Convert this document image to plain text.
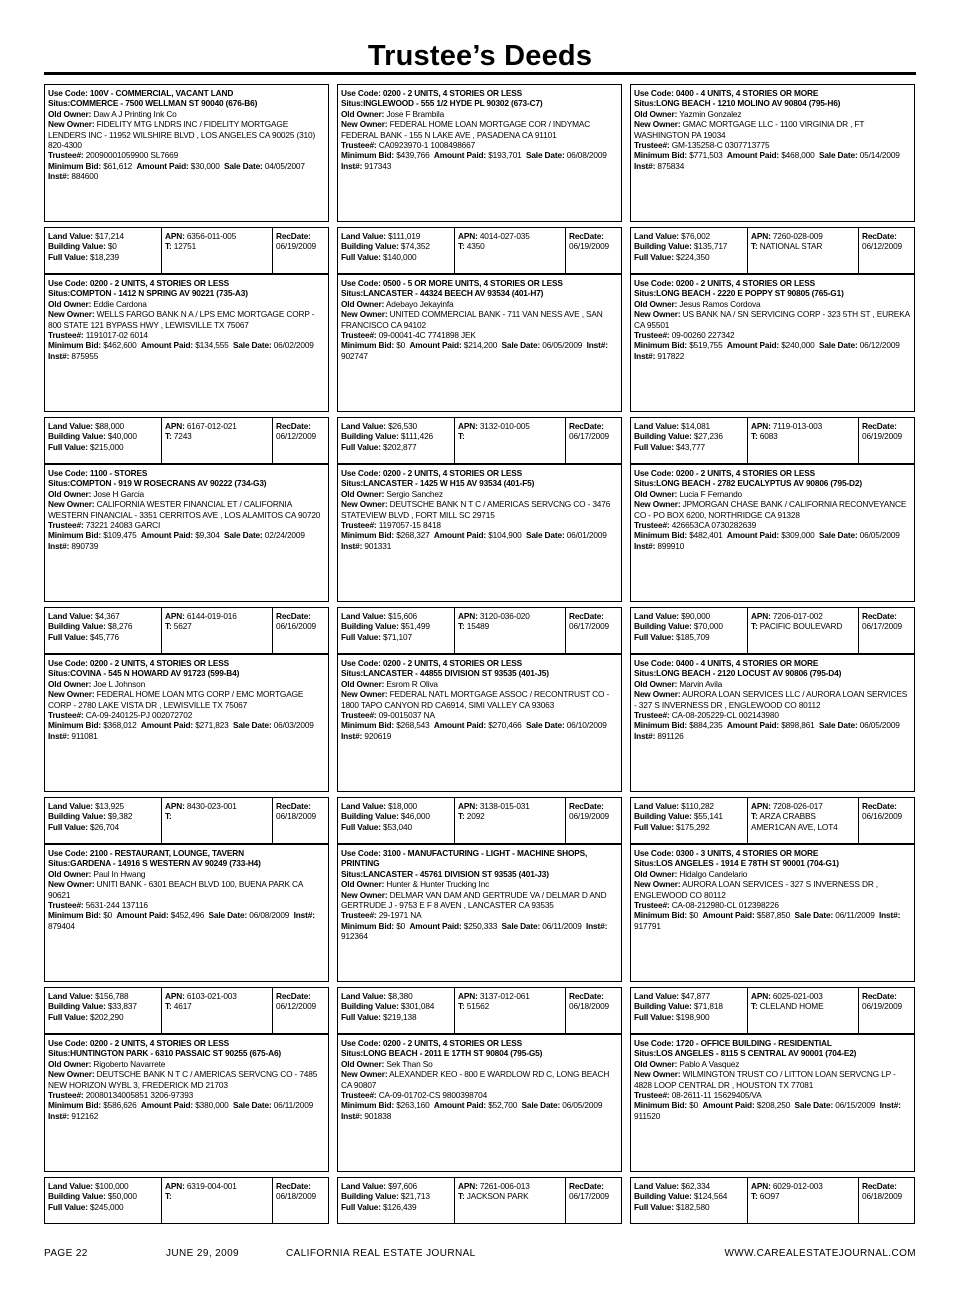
Trustee’s Deeds
Use Code: 100V - COMMERCIAL, VACANT LAND
Situs:COMMERCE - 7500 WELLMAN ST 90040 (676-B6)
Old Owner: Daw A J Printing Ink Co
New Owner: FIDELITY MTG LNDRS INC / FIDELITY MORTGAGE LENDERS INC - 11952 WILSHIRE BLVD , LOS ANGELES CA 90025 (310) 820-4300
Trustee#: 20090001059900 SL7669
Minimum Bid: $61,612 Amount Paid: $30,000 Sale Date: 04/05/2007  Inst#: 884600
Land Value: $17,214
Building Value: $0
Full Value: $18,239
APN: 6356-011-005
T: 12751
RecDate:
06/19/2009
Use Code: 0200 - 2 UNITS, 4 STORIES OR LESS
Situs:COMPTON - 1412 N SPRING AV 90221 (735-A3)
Old Owner: Eddie Cardona
New Owner: WELLS FARGO BANK N A / LPS EMC MORTGAGE CORP - 800 STATE 121 BYPASS HWY , LEWISVILLE TX 75067
Trustee#: 1191017-02 6014
Minimum Bid: $462,600 Amount Paid: $134,555 Sale Date: 06/02/2009  Inst#: 875955
Land Value: $88,000
Building Value: $40,000
Full Value: $215,000
APN: 6167-012-021
T: 7243
RecDate:
06/12/2009
Use Code: 1100 - STORES
Situs:COMPTON - 919 W ROSECRANS AV 90222 (734-G3)
Old Owner: Jose H Garcia
New Owner: CALIFORNIA WESTER FINANCIAL ET / CALIFORNIA WESTERN FINANCIAL - 3351 CERRITOS AVE , LOS ALAMITOS CA 90720
Trustee#: 73221 24083 GARCI
Minimum Bid: $109,475 Amount Paid: $9,304 Sale Date: 02/24/2009  Inst#: 890739
Land Value: $4,367
Building Value: $8,276
Full Value: $45,776
APN: 6144-019-016
T: 5627
RecDate:
06/16/2009
Use Code: 0200 - 2 UNITS, 4 STORIES OR LESS
Situs:COVINA - 545 N HOWARD AV 91723 (599-B4)
Old Owner: Joe L Johnson
New Owner: FEDERAL HOME LOAN MTG CORP / EMC MORTGAGE CORP - 2780 LAKE VISTA DR , LEWISVILLE TX 75067
Trustee#: CA-09-240125-PJ 002072702
Minimum Bid: $368,012 Amount Paid: $271,823 Sale Date: 06/03/2009  Inst#: 911081
Land Value: $13,925
Building Value: $9,382
Full Value: $26,704
APN: 8430-023-001
T:
RecDate:
06/18/2009
Use Code: 2100 - RESTAURANT, LOUNGE, TAVERN
Situs:GARDENA - 14916 S WESTERN AV 90249 (733-H4)
Old Owner: Paul In Hwang
New Owner: UNITI BANK - 6301 BEACH BLVD 100, BUENA PARK CA 90621
Trustee#: 5631-244 137116
Minimum Bid: $0 Amount Paid: $452,496 Sale Date: 06/08/2009 Inst#: 879404
Land Value: $156,788
Building Value: $33,837
Full Value: $202,290
APN: 6103-021-003
T: 4617
RecDate:
06/12/2009
Use Code: 0200 - 2 UNITS, 4 STORIES OR LESS
Situs:HUNTINGTON PARK - 6310 PASSAIC ST 90255 (675-A6)
Old Owner: Rigoberto Navarrete
New Owner: DEUTSCHE BANK N T C / AMERICAS SERVCNG CO - 7485 NEW HORIZON WYBL 3, FREDERICK MD 21703
Trustee#: 20080134005851 3206-97393
Minimum Bid: $586,626 Amount Paid: $380,000 Sale Date: 06/11/2009  Inst#: 912162
Land Value: $100,000
Building Value: $50,000
Full Value: $245,000
APN: 6319-004-001
T:
RecDate:
06/18/2009
Use Code: 0200 - 2 UNITS, 4 STORIES OR LESS
Situs:INGLEWOOD - 555 1/2 HYDE PL 90302 (673-C7)
Old Owner: Jose F Brambila
New Owner: FEDERAL HOME LOAN MORTGAGE COR / INDYMAC FEDERAL BANK - 155 N LAKE AVE , PASADENA CA 91101
Trustee#: CA0923970-1 1008498667
Minimum Bid: $439,766 Amount Paid: $193,701 Sale Date: 06/08/2009  Inst#: 917343
Land Value: $111,019
Building Value: $74,352
Full Value: $140,000
APN: 4014-027-035
T: 4350
RecDate:
06/19/2009
Use Code: 0500 - 5 OR MORE UNITS, 4 STORIES OR LESS
Situs:LANCASTER - 44324 BEECH AV 93534 (401-H7)
Old Owner: Adebayo Jekayinfa
New Owner: UNITED COMMERCIAL BANK - 711 VAN NESS AVE , SAN FRANCISCO CA 94102
Trustee#: 09-00041-4C 7741898 JEK
Minimum Bid: $0 Amount Paid: $214,200 Sale Date: 06/05/2009 Inst#: 902747
Land Value: $26,530
Building Value: $111,426
Full Value: $202,877
APN: 3132-010-005
T:
RecDate:
06/17/2009
Use Code: 0200 - 2 UNITS, 4 STORIES OR LESS
Situs:LANCASTER - 1425 W H15 AV 93534 (401-F5)
Old Owner: Sergio Sanchez
New Owner: DEUTSCHE BANK N T C / AMERICAS SERVCNG CO - 3476 STATEVIEW BLVD , FORT MILL SC 29715
Trustee#: 1197057-15 8418
Minimum Bid: $268,327 Amount Paid: $104,900 Sale Date: 06/01/2009  Inst#: 901331
Land Value: $15,606
Building Value: $51,499
Full Value: $71,107
APN: 3120-036-020
T: 15489
RecDate:
06/17/2009
Use Code: 0200 - 2 UNITS, 4 STORIES OR LESS
Situs:LANCASTER - 44855 DIVISION ST 93535 (401-J5)
Old Owner: Esrom R Oliva
New Owner: FEDERAL NATL MORTGAGE ASSOC / RECONTRUST CO - 1800 TAPO CANYON RD CA6914, SIMI VALLEY CA 93063
Trustee#: 09-0015037 NA
Minimum Bid: $268,543 Amount Paid: $270,466 Sale Date: 06/10/2009  Inst#: 920619
Land Value: $18,000
Building Value: $46,000
Full Value: $53,040
APN: 3138-015-031
T: 2092
RecDate:
06/19/2009
Use Code: 3100 - MANUFACTURING - LIGHT - MACHINE SHOPS, PRINTING
Situs:LANCASTER - 45761 DIVISION ST 93535 (401-J3)
Old Owner: Hunter & Hunter Trucking Inc
New Owner: DELMAR VAN DAM AND GERTRUDE VA / DELMAR D AND GERTRUDE J - 9753 E F 8 AVEN , LANCASTER CA 93535
Trustee#: 29-1971 NA
Minimum Bid: $0 Amount Paid: $250,333 Sale Date: 06/11/2009 Inst#: 912364
Land Value: $8,380
Building Value: $301,084
Full Value: $219,138
APN: 3137-012-061
T: 51562
RecDate:
06/18/2009
Use Code: 0200 - 2 UNITS, 4 STORIES OR LESS
Situs:LONG BEACH - 2011 E 17TH ST 90804 (795-G5)
Old Owner: Sek Than So
New Owner: ALEXANDER KEO - 800 E WARDLOW RD C, LONG BEACH CA 90807
Trustee#: CA-09-01702-CS 9800398704
Minimum Bid: $263,160 Amount Paid: $52,700 Sale Date: 06/05/2009  Inst#: 901838
Land Value: $97,606
Building Value: $21,713
Full Value: $126,439
APN: 7261-006-013
T: JACKSON PARK
RecDate:
06/17/2009
Use Code: 0400 - 4 UNITS, 4 STORIES OR MORE
Situs:LONG BEACH - 1210 MOLINO AV 90804 (795-H6)
Old Owner: Yazmin Gonzalez
New Owner: GMAC MORTGAGE LLC - 1100 VIRGINIA DR , FT WASHINGTON PA 19034
Trustee#: GM-135258-C 0307713775
Minimum Bid: $771,503 Amount Paid: $468,000 Sale Date: 05/14/2009  Inst#: 875834
Land Value: $76,002
Building Value: $135,717
Full Value: $224,350
APN: 7260-028-009
T: NATIONAL STAR
RecDate:
06/12/2009
Use Code: 0200 - 2 UNITS, 4 STORIES OR LESS
Situs:LONG BEACH - 2220 E POPPY ST 90805 (765-G1)
Old Owner: Jesus Ramos Cordova
New Owner: US BANK NA / SN SERVICING CORP - 323 5TH ST , EUREKA CA 95501
Trustee#: 09-00260 227342
Minimum Bid: $519,755 Amount Paid: $240,000 Sale Date: 06/12/2009  Inst#: 917822
Land Value: $14,081
Building Value: $27,236
Full Value: $43,777
APN: 7119-013-003
T: 6083
RecDate:
06/19/2009
Use Code: 0200 - 2 UNITS, 4 STORIES OR LESS
Situs:LONG BEACH - 2782 EUCALYPTUS AV 90806 (795-D2)
Old Owner: Lucia F Fernando
New Owner: JPMORGAN CHASE BANK / CALIFORNIA RECONVEYANCE CO - PO BOX 6200, NORTHRIDGE CA 91328
Trustee#: 426653CA 0730282639
Minimum Bid: $482,401 Amount Paid: $309,000 Sale Date: 06/05/2009  Inst#: 899910
Land Value: $90,000
Building Value: $70,000
Full Value: $185,709
APN: 7206-017-002
T: PACIFIC BOULEVARD
RecDate:
06/17/2009
Use Code: 0400 - 4 UNITS, 4 STORIES OR MORE
Situs:LONG BEACH - 2120 LOCUST AV 90806 (795-D4)
Old Owner: Marvin Avila
New Owner: AURORA LOAN SERVICES LLC / AURORA LOAN SERVICES - 327 S INVERNESS DR , ENGLEWOOD CO 80112
Trustee#: CA-08-205229-CL 002143980
Minimum Bid: $884,235 Amount Paid: $898,861 Sale Date: 06/05/2009  Inst#: 891126
Land Value: $110,282
Building Value: $55,141
Full Value: $175,292
APN: 7208-026-017
T: ARZA CRABBS AMER1CAN AVE, LOT4
RecDate:
06/16/2009
Use Code: 0300 - 3 UNITS, 4 STORIES OR MORE
Situs:LOS ANGELES - 1914 E 78TH ST 90001 (704-G1)
Old Owner: Hidalgo Candelario
New Owner: AURORA LOAN SERVICES - 327 S INVERNESS DR , ENGLEWOOD CO 80112
Trustee#: CA-08-212980-CL 012398226
Minimum Bid: $0 Amount Paid: $587,850 Sale Date: 06/11/2009 Inst#: 917791
Land Value: $47,877
Building Value: $71,818
Full Value: $198,900
APN: 6025-021-003
T: CLELAND HOME
RecDate:
06/19/2009
Use Code: 1720 - OFFICE BUILDING - RESIDENTIAL
Situs:LOS ANGELES - 8115 S CENTRAL AV 90001 (704-E2)
Old Owner: Pablo A Vasquez
New Owner: WILMINGTON TRUST CO / LITTON LOAN SERVCNG LP - 4828 LOOP CENTRAL DR , HOUSTON TX 77081
Trustee#: 08-2611-11 15629405/VA
Minimum Bid: $0 Amount Paid: $208,250 Sale Date: 06/15/2009 Inst#: 911520
Land Value: $62,334
Building Value: $124,564
Full Value: $182,580
APN: 6029-012-003
T: 6O97
RecDate:
06/18/2009
PAGE 22	JUNE 29, 2009	CALIFORNIA REAL ESTATE JOURNAL	WWW.CAREALESTATEJOURNAL.COM
